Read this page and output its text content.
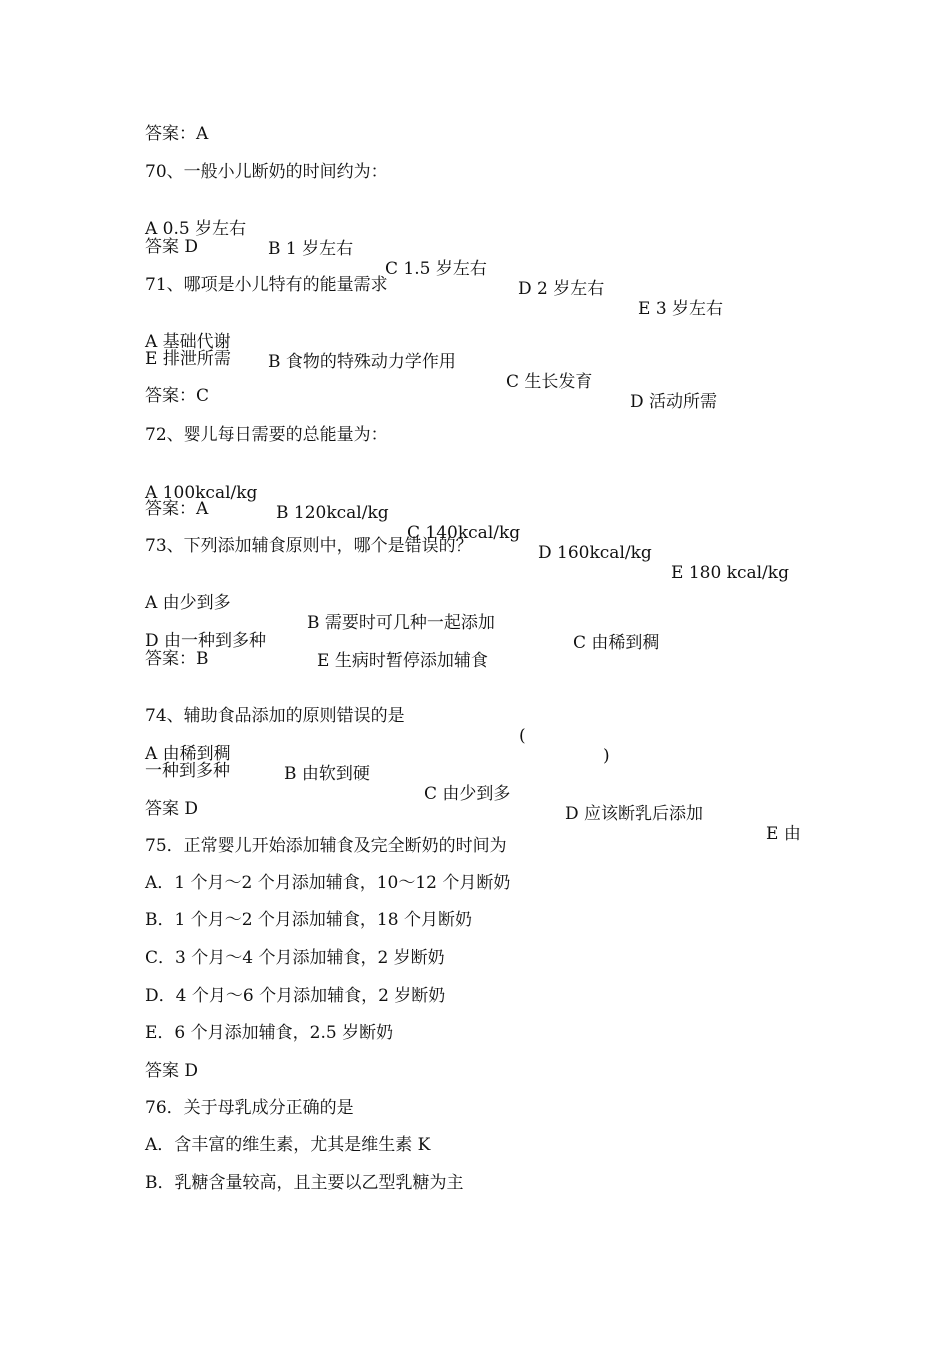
答案：A
70、一般小儿断奶的时间约为：

A 0.5 岁左右

B 1 岁左右

C 1.5 岁左右

D 2 岁左右

E 3 岁左右

答案 D
71、哪项是小儿特有的能量需求

A 基础代谢

B 食物的特殊动力学作用

C 生长发育

D 活动所需

E 排泄所需
答案：C
72、婴儿每日需要的总能量为：

A 100kcal/kg

B 120kcal/kg

C 140kcal/kg

D 160kcal/kg

E 180 kcal/kg

答案：A
73、下列添加辅食原则中，哪个是错误的？

A 由少到多

B 需要时可几种一起添加

C 由稀到稠

D 由一种到多种

E 生病时暂停添加辅食

答案：B

74、辅助食品添加的原则错误的是

(

)

A 由稀到稠

B 由软到硬

C 由少到多

D 应该断乳后添加

E 由

一种到多种
答案 D
75．正常婴儿开始添加辅食及完全断奶的时间为
A．1 个月～2 个月添加辅食，10～12 个月断奶
B．1 个月～2 个月添加辅食，18 个月断奶
C．3 个月～4 个月添加辅食，2 岁断奶
D．4 个月～6 个月添加辅食，2 岁断奶
E．6 个月添加辅食，2.5 岁断奶
答案 D
76．关于母乳成分正确的是
A．含丰富的维生素，尤其是维生素 K
B．乳糖含量较高，且主要以乙型乳糖为主
